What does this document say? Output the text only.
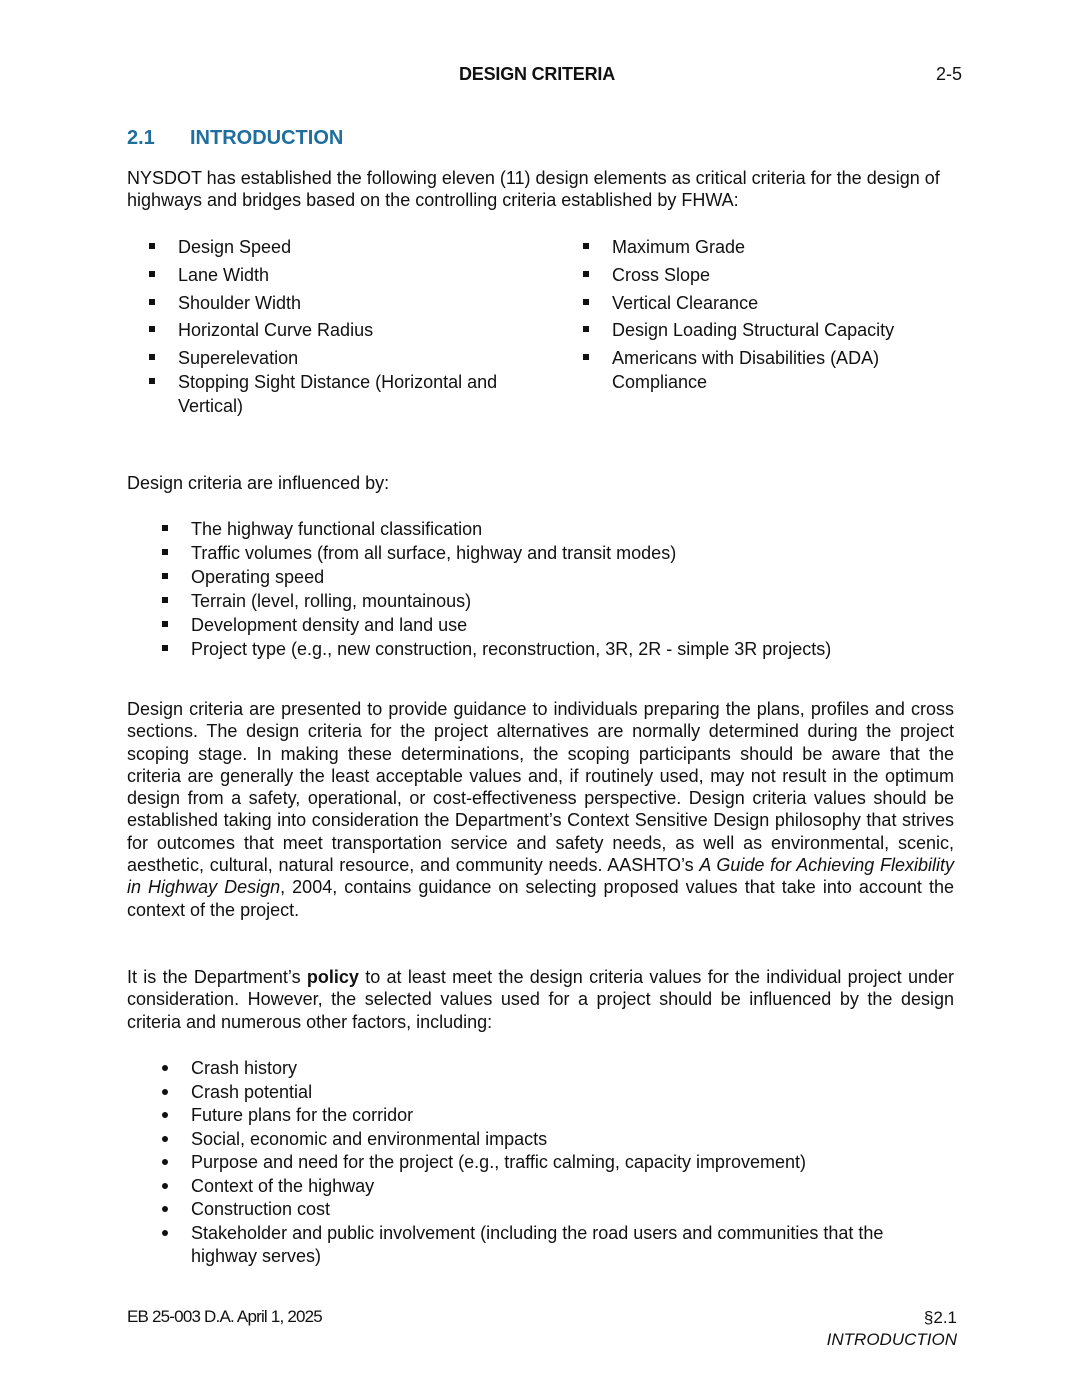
DESIGN CRITERIA	2-5
2.1 INTRODUCTION

NYSDOT has established the following eleven (11) design elements as critical criteria for the design of highways and bridges based on the controlling criteria established by FHWA:

Design Speed
Lane Width
Shoulder Width
Horizontal Curve Radius
Superelevation
Stopping Sight Distance (Horizontal and Vertical)
Maximum Grade
Cross Slope
Vertical Clearance
Design Loading Structural Capacity
Americans with Disabilities (ADA) Compliance

Design criteria are influenced by:

The highway functional classification
Traffic volumes (from all surface, highway and transit modes)
Operating speed
Terrain (level, rolling, mountainous)
Development density and land use
Project type (e.g., new construction, reconstruction, 3R, 2R - simple 3R projects)

Design criteria are presented to provide guidance to individuals preparing the plans, profiles and cross sections. The design criteria for the project alternatives are normally determined during the project scoping stage. In making these determinations, the scoping participants should be aware that the criteria are generally the least acceptable values and, if routinely used, may not result in the optimum design from a safety, operational, or cost-effectiveness perspective. Design criteria values should be established taking into consideration the Department’s Context Sensitive Design philosophy that strives for outcomes that meet transportation service and safety needs, as well as environmental, scenic, aesthetic, cultural, natural resource, and community needs. AASHTO’s A Guide for Achieving Flexibility in Highway Design, 2004, contains guidance on selecting proposed values that take into account the context of the project.

It is the Department’s policy to at least meet the design criteria values for the individual project under consideration. However, the selected values used for a project should be influenced by the design criteria and numerous other factors, including:

Crash history
Crash potential
Future plans for the corridor
Social, economic and environmental impacts
Purpose and need for the project (e.g., traffic calming, capacity improvement)
Context of the highway
Construction cost
Stakeholder and public involvement (including the road users and communities that the highway serves)
EB 25-003 D.A. April 1, 2025	§2.1
INTRODUCTION
